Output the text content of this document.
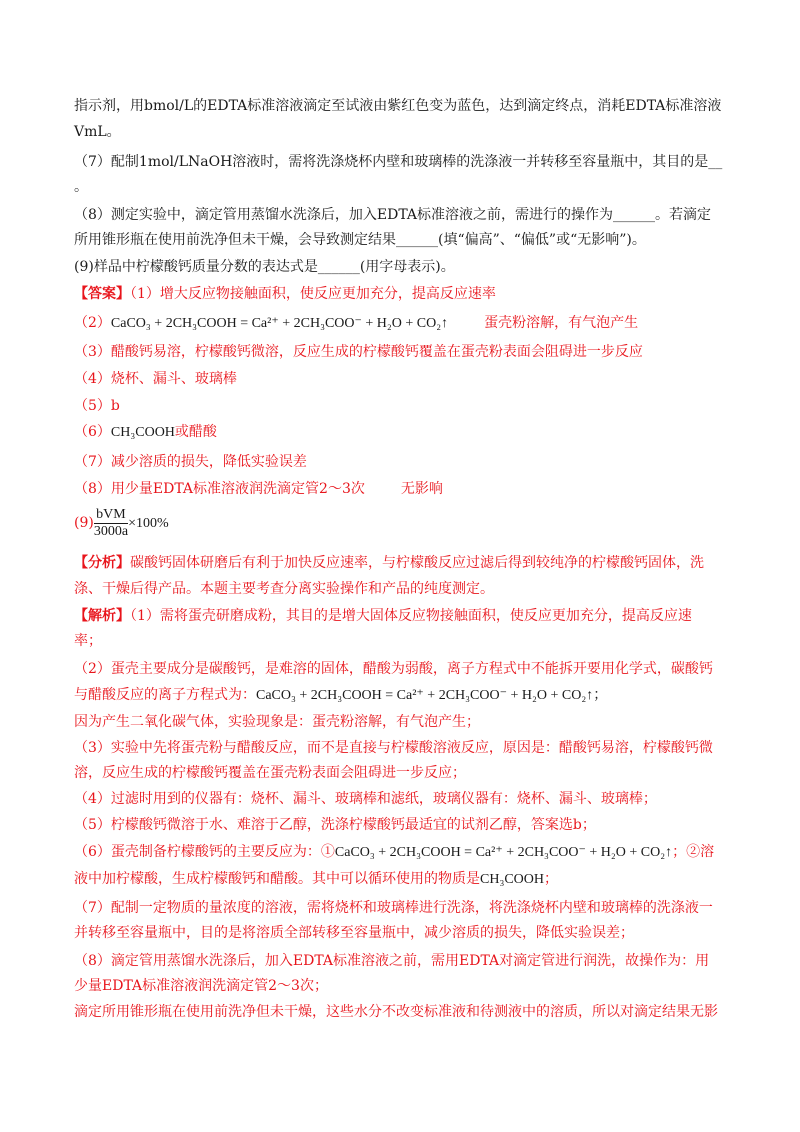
指示剂，用bmol/L的EDTA标准溶液滴定至试液由紫红色变为蓝色，达到滴定终点，消耗EDTA标准溶液
VmL。
（7）配制1mol/LNaOH溶液时，需将洗涤烧杯内壁和玻璃棒的洗涤液一并转移至容量瓶中，其目的是__
。
（8）测定实验中，滴定管用蒸馏水洗涤后，加入EDTA标准溶液之前，需进行的操作为______。若滴定
所用锥形瓶在使用前洗净但未干燥，会导致测定结果______(填“偏高”、“偏低”或“无影响”)。
(9)样品中柠檬酸钙质量分数的表达式是______(用字母表示)。
【答案】（1）增大反应物接触面积，使反应更加充分，提高反应速率
（2）CaCO₃ + 2CH₃COOH = Ca²⁺ + 2CH₃COO⁻ + H₂O + CO₂↑	蛋壳粉溶解，有气泡产生
（3）醋酸钙易溶，柠檬酸钙微溶，反应生成的柠檬酸钙覆盖在蛋壳粉表面会阻碍进一步反应
（4）烧杯、漏斗、玻璃棒
（5）b
（6）CH₃COOH或醋酸
（7）减少溶质的损失，降低实验误差
（8）用少量EDTA标准溶液润洗滴定管2～3次	无影响
$(9) \frac{\text{bVM}}{3000a} \times 100\%$
【分析】碳酸钙固体研磨后有利于加快反应速率，与柠檬酸反应过滤后得到较纯净的柠檬酸钙固体，洗
涤、干燥后得产品。本题主要考查分离实验操作和产品的纯度测定。
【解析】（1）需将蛋壳研磨成粉，其目的是增大固体反应物接触面积，使反应更加充分，提高反应速
率；
（2）蛋壳主要成分是碳酸钙，是难溶的固体，醋酸为弱酸，离子方程式中不能拆开要用化学式，碳酸钙
与醋酸反应的离子方程式为：CaCO₃ + 2CH₃COOH = Ca²⁺ + 2CH₃COO⁻ + H₂O + CO₂↑；
因为产生二氧化碳气体，实验现象是：蛋壳粉溶解，有气泡产生；
（3）实验中先将蛋壳粉与醋酸反应，而不是直接与柠檬酸溶液反应，原因是：醋酸钙易溶，柠檬酸钙微
溶，反应生成的柠檬酸钙覆盖在蛋壳粉表面会阻碍进一步反应；
（4）过滤时用到的仪器有：烧杯、漏斗、玻璃棒和滤纸，玻璃仪器有：烧杯、漏斗、玻璃棒；
（5）柠檬酸钙微溶于水、难溶于乙醇，洗涤柠檬酸钙最适宜的试剂乙醇，答案选b；
（6）蛋壳制备柠檬酸钙的主要反应为：①CaCO₃ + 2CH₃COOH = Ca²⁺ + 2CH₃COO⁻ + H₂O + CO₂↑；②溶
液中加柠檬酸，生成柠檬酸钙和醋酸。其中可以循环使用的物质是CH₃COOH；
（7）配制一定物质的量浓度的溶液，需将烧杯和玻璃棒进行洗涤，将洗涤烧杯内壁和玻璃棒的洗涤液一
并转移至容量瓶中，目的是将溶质全部转移至容量瓶中，减少溶质的损失，降低实验误差；
（8）滴定管用蒸馏水洗涤后，加入EDTA标准溶液之前，需用EDTA对滴定管进行润洗，故操作为：用
少量EDTA标准溶液润洗滴定管2～3次；
滴定所用锥形瓶在使用前洗净但未干燥，这些水分不改变标准液和待测液中的溶质，所以对滴定结果无影
